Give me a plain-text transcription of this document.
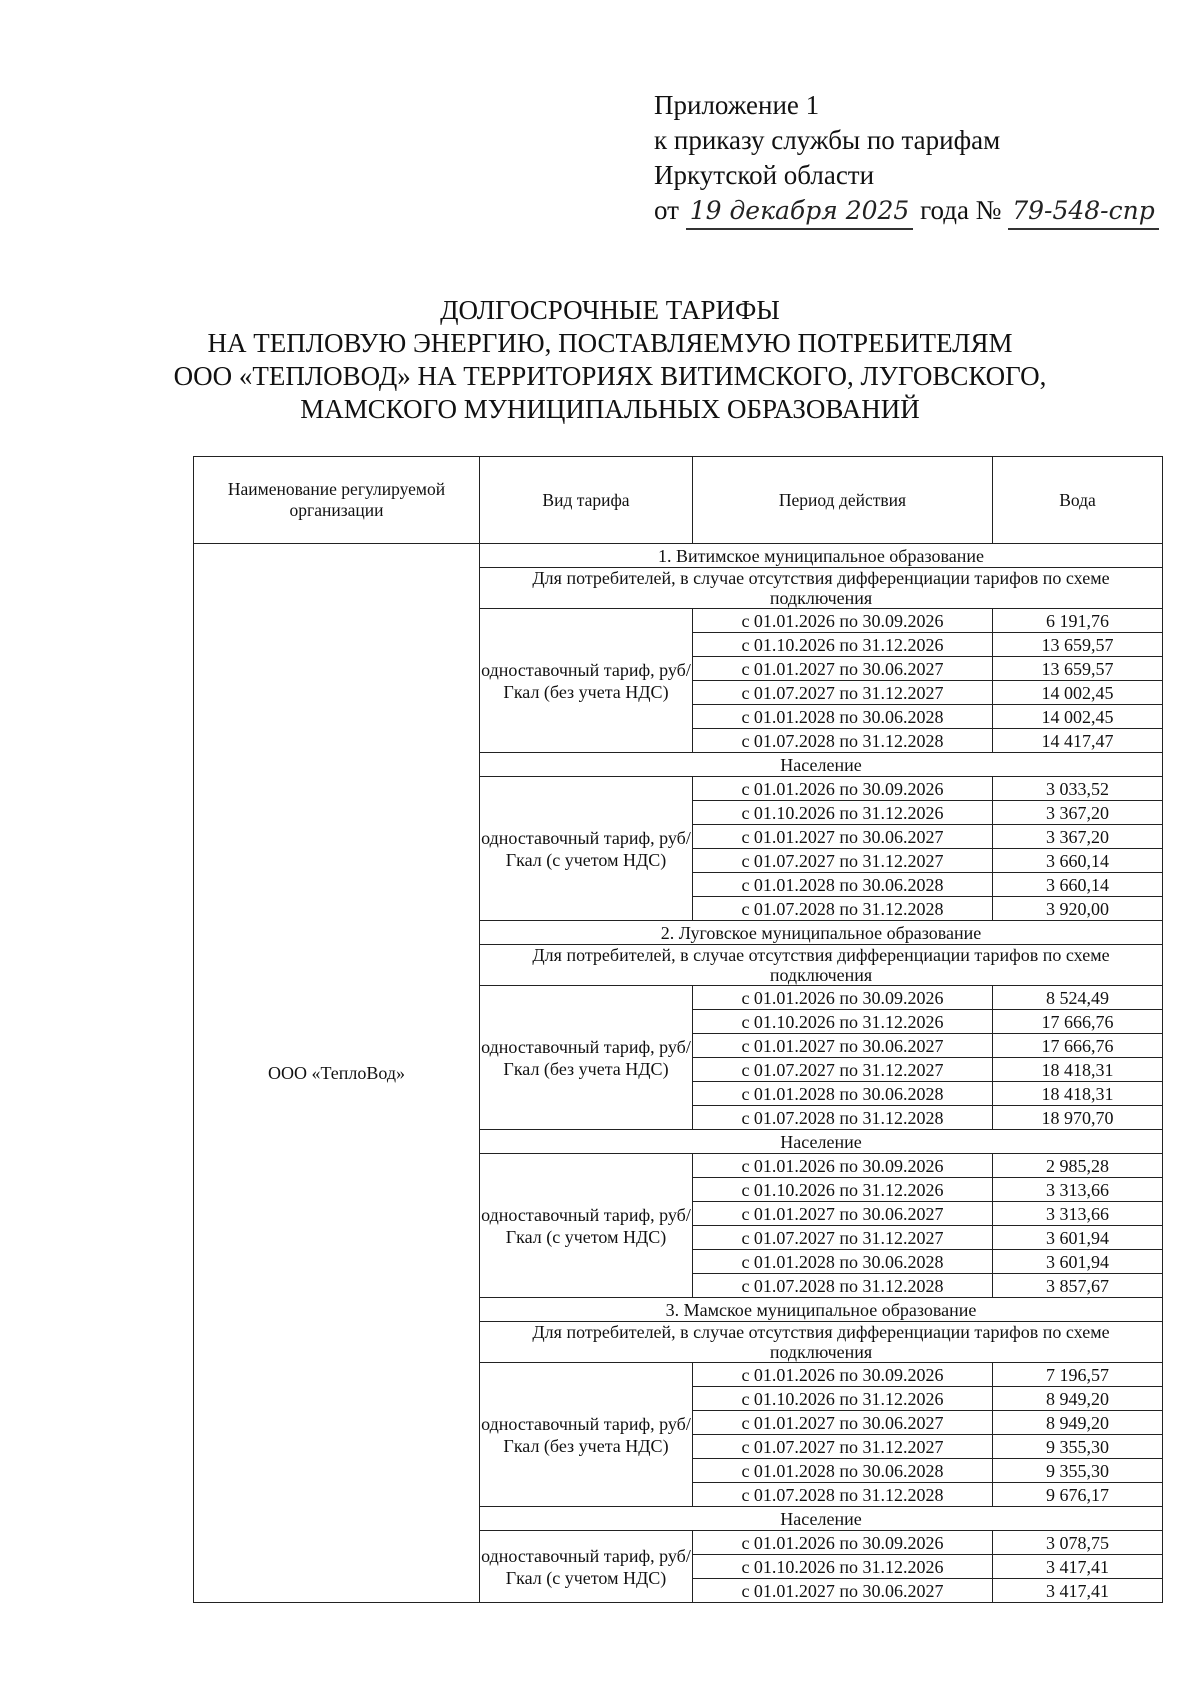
Приложение 1
к приказу службы по тарифам
Иркутской области
от 19 декабря 2025 года № 79-548-спр
ДОЛГОСРОЧНЫЕ ТАРИФЫ
НА ТЕПЛОВУЮ ЭНЕРГИЮ, ПОСТАВЛЯЕМУЮ ПОТРЕБИТЕЛЯМ
ООО «ТЕПЛОВОД» НА ТЕРРИТОРИЯХ ВИТИМСКОГО, ЛУГОВСКОГО,
МАМСКОГО МУНИЦИПАЛЬНЫХ ОБРАЗОВАНИЙ
Наименование регулируемой организации	Вид тарифа	Период действия	Вода
ООО «ТеплоВод»	1. Витимское муниципальное образование		
	Для потребителей, в случае отсутствия дифференциации тарифов по схеме подключения		
	одноставочный тариф, руб/Гкал (без учета НДС)	с 01.01.2026 по 30.09.2026	6 191,76
		с 01.10.2026 по 31.12.2026	13 659,57
		с 01.01.2027 по 30.06.2027	13 659,57
		с 01.07.2027 по 31.12.2027	14 002,45
		с 01.01.2028 по 30.06.2028	14 002,45
		с 01.07.2028 по 31.12.2028	14 417,47
	Население		
	одноставочный тариф, руб/Гкал (с учетом НДС)	с 01.01.2026 по 30.09.2026	3 033,52
		с 01.10.2026 по 31.12.2026	3 367,20
		с 01.01.2027 по 30.06.2027	3 367,20
		с 01.07.2027 по 31.12.2027	3 660,14
		с 01.01.2028 по 30.06.2028	3 660,14
		с 01.07.2028 по 31.12.2028	3 920,00
	2. Луговское муниципальное образование		
	Для потребителей, в случае отсутствия дифференциации тарифов по схеме подключения		
	одноставочный тариф, руб/Гкал (без учета НДС)	с 01.01.2026 по 30.09.2026	8 524,49
		с 01.10.2026 по 31.12.2026	17 666,76
		с 01.01.2027 по 30.06.2027	17 666,76
		с 01.07.2027 по 31.12.2027	18 418,31
		с 01.01.2028 по 30.06.2028	18 418,31
		с 01.07.2028 по 31.12.2028	18 970,70
	Население		
	одноставочный тариф, руб/Гкал (с учетом НДС)	с 01.01.2026 по 30.09.2026	2 985,28
		с 01.10.2026 по 31.12.2026	3 313,66
		с 01.01.2027 по 30.06.2027	3 313,66
		с 01.07.2027 по 31.12.2027	3 601,94
		с 01.01.2028 по 30.06.2028	3 601,94
		с 01.07.2028 по 31.12.2028	3 857,67
	3. Мамское муниципальное образование		
	Для потребителей, в случае отсутствия дифференциации тарифов по схеме подключения		
	одноставочный тариф, руб/Гкал (без учета НДС)	с 01.01.2026 по 30.09.2026	7 196,57
		с 01.10.2026 по 31.12.2026	8 949,20
		с 01.01.2027 по 30.06.2027	8 949,20
		с 01.07.2027 по 31.12.2027	9 355,30
		с 01.01.2028 по 30.06.2028	9 355,30
		с 01.07.2028 по 31.12.2028	9 676,17
	Население		
	одноставочный тариф, руб/Гкал (с учетом НДС)	с 01.01.2026 по 30.09.2026	3 078,75
		с 01.10.2026 по 31.12.2026	3 417,41
		с 01.01.2027 по 30.06.2027	3 417,41
